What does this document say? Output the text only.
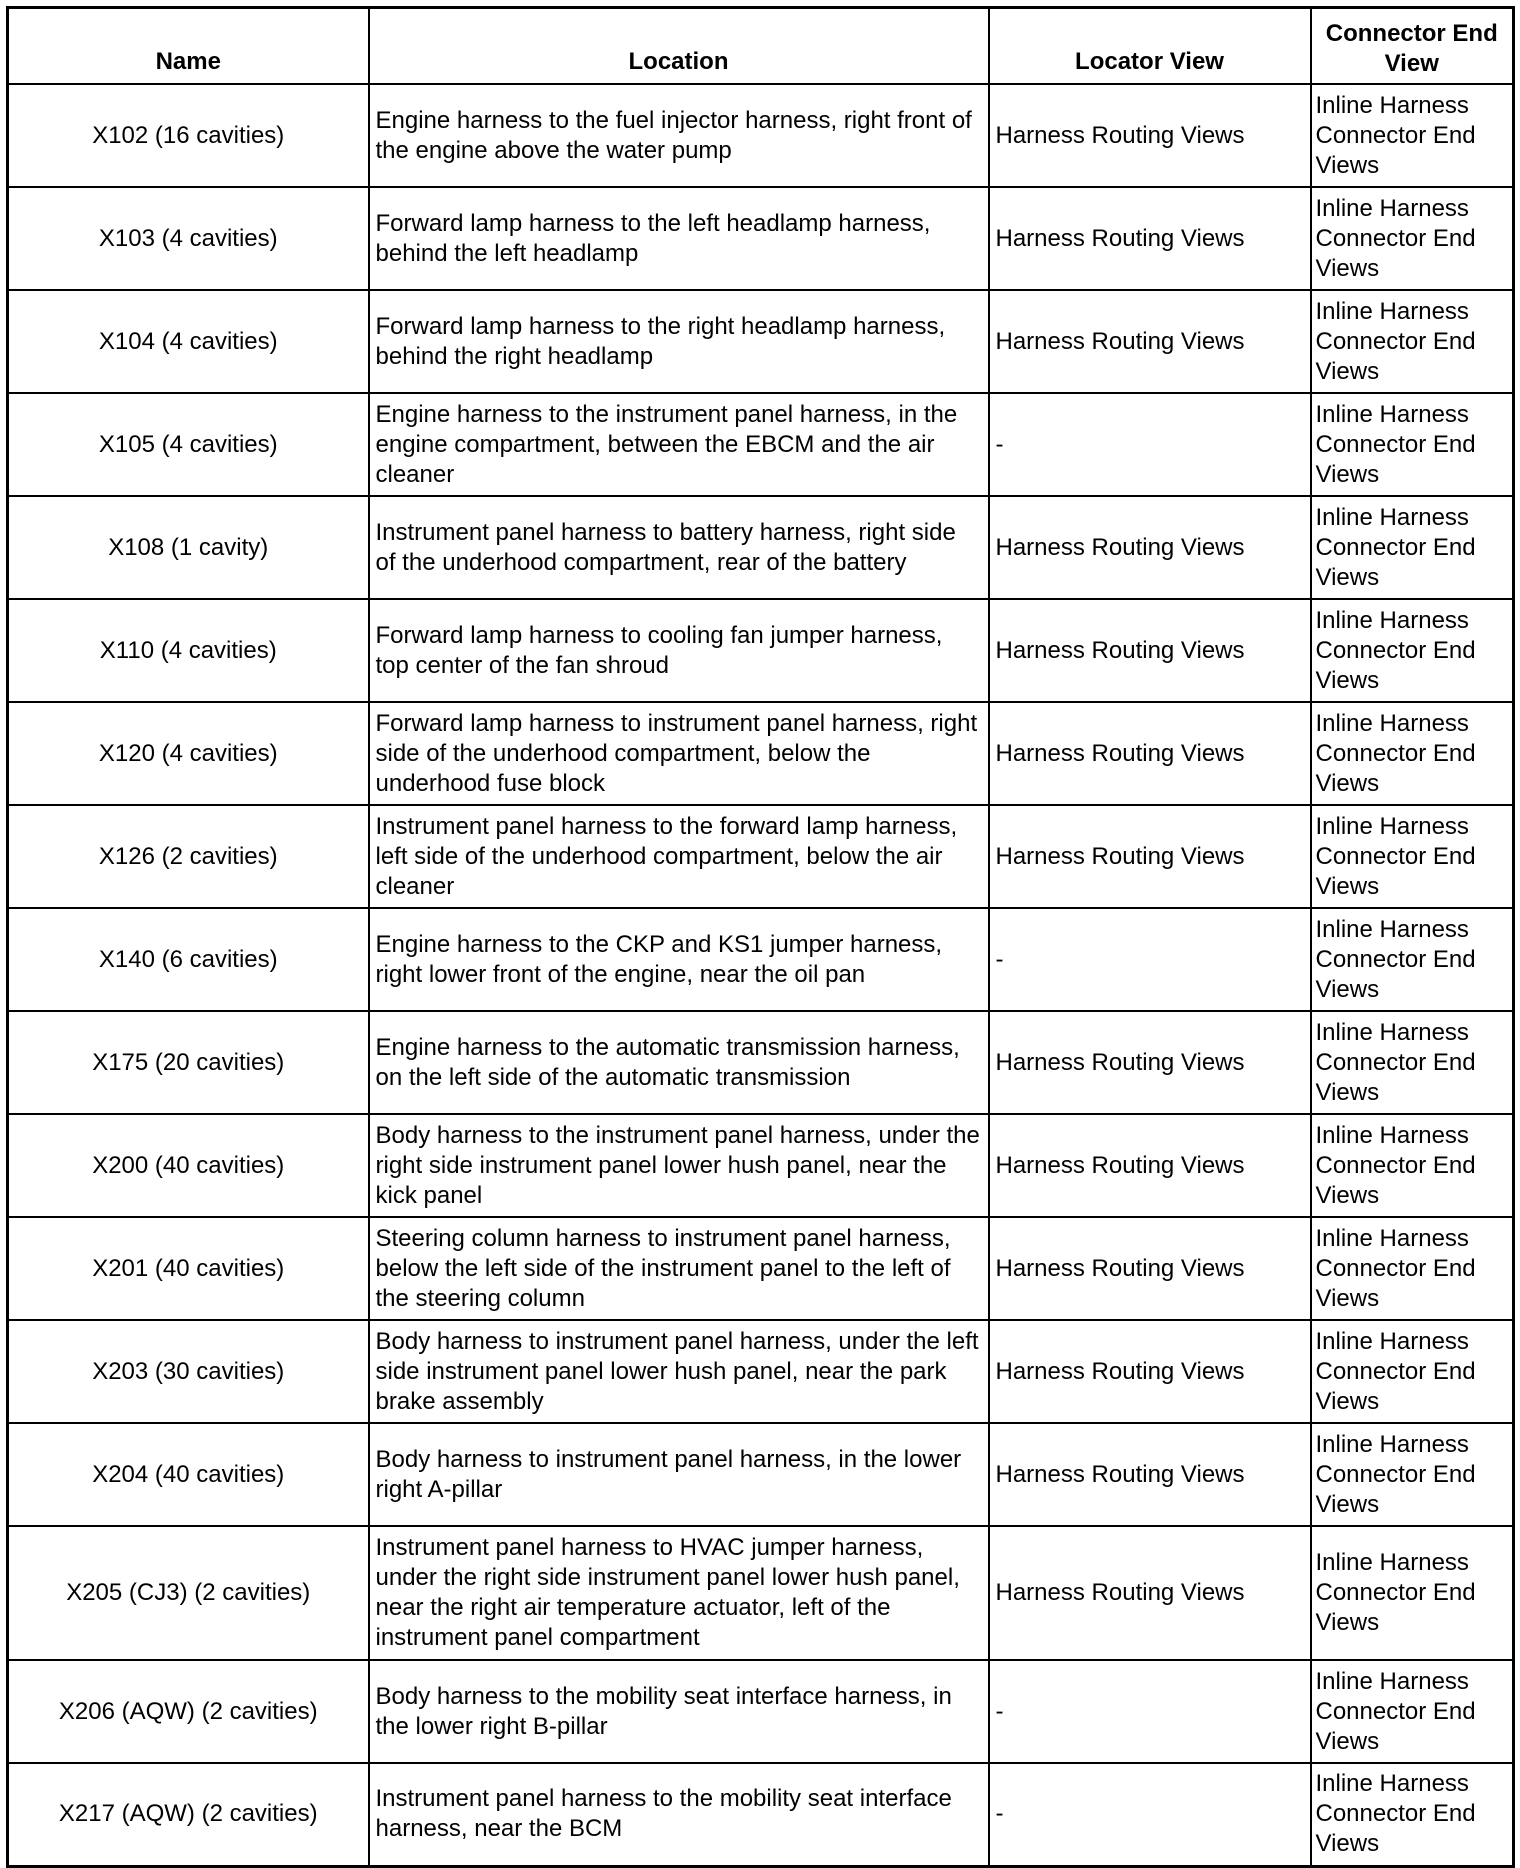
Name	Location	Locator View	Connector End View
X102 (16 cavities)	Engine harness to the fuel injector harness, right front of the engine above the water pump	Harness Routing Views	Inline Harness Connector End Views
X103 (4 cavities)	Forward lamp harness to the left headlamp harness, behind the left headlamp	Harness Routing Views	Inline Harness Connector End Views
X104 (4 cavities)	Forward lamp harness to the right headlamp harness, behind the right headlamp	Harness Routing Views	Inline Harness Connector End Views
X105 (4 cavities)	Engine harness to the instrument panel harness, in the engine compartment, between the EBCM and the air cleaner	-	Inline Harness Connector End Views
X108 (1 cavity)	Instrument panel harness to battery harness, right side of the underhood compartment, rear of the battery	Harness Routing Views	Inline Harness Connector End Views
X110 (4 cavities)	Forward lamp harness to cooling fan jumper harness, top center of the fan shroud	Harness Routing Views	Inline Harness Connector End Views
X120 (4 cavities)	Forward lamp harness to instrument panel harness, right side of the underhood compartment, below the underhood fuse block	Harness Routing Views	Inline Harness Connector End Views
X126 (2 cavities)	Instrument panel harness to the forward lamp harness, left side of the underhood compartment, below the air cleaner	Harness Routing Views	Inline Harness Connector End Views
X140 (6 cavities)	Engine harness to the CKP and KS1 jumper harness, right lower front of the engine, near the oil pan	-	Inline Harness Connector End Views
X175 (20 cavities)	Engine harness to the automatic transmission harness, on the left side of the automatic transmission	Harness Routing Views	Inline Harness Connector End Views
X200 (40 cavities)	Body harness to the instrument panel harness, under the right side instrument panel lower hush panel, near the kick panel	Harness Routing Views	Inline Harness Connector End Views
X201 (40 cavities)	Steering column harness to instrument panel harness, below the left side of the instrument panel to the left of the steering column	Harness Routing Views	Inline Harness Connector End Views
X203 (30 cavities)	Body harness to instrument panel harness, under the left side instrument panel lower hush panel, near the park brake assembly	Harness Routing Views	Inline Harness Connector End Views
X204 (40 cavities)	Body harness to instrument panel harness, in the lower right A-pillar	Harness Routing Views	Inline Harness Connector End Views
X205 (CJ3) (2 cavities)	Instrument panel harness to HVAC jumper harness, under the right side instrument panel lower hush panel, near the right air temperature actuator, left of the instrument panel compartment	Harness Routing Views	Inline Harness Connector End Views
X206 (AQW) (2 cavities)	Body harness to the mobility seat interface harness, in the lower right B-pillar	-	Inline Harness Connector End Views
X217 (AQW) (2 cavities)	Instrument panel harness to the mobility seat interface harness, near the BCM	-	Inline Harness Connector End Views
